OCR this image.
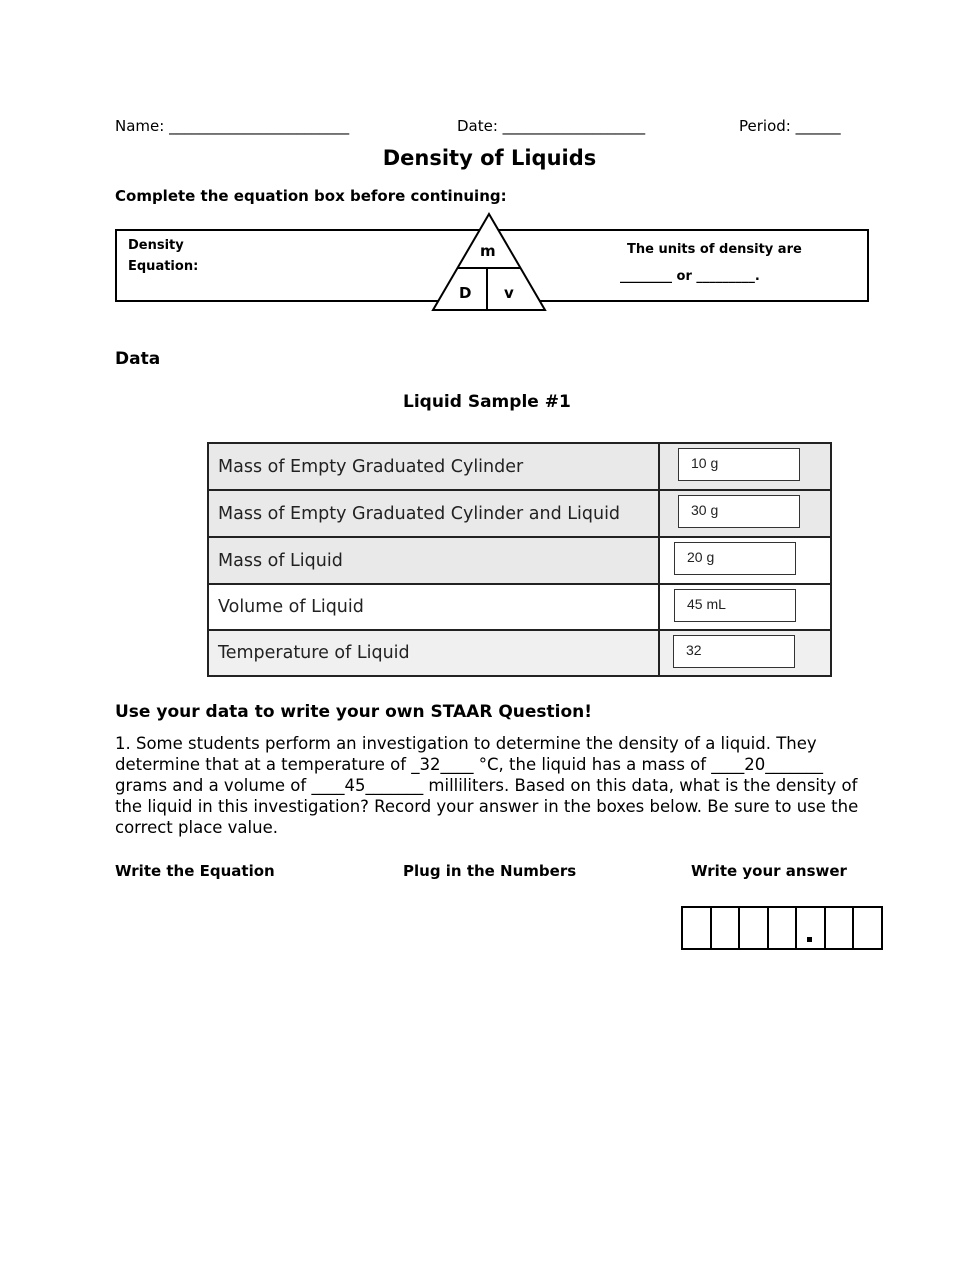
Name: ________________________	Date: ___________________	Period: ______
Density of Liquids
Complete the equation box before continuing:
Density
Equation:
The units of density are
________ or _________.
m
D v
Data
Liquid Sample #1
Mass of Empty Graduated Cylinder	10 g

Mass of Empty Graduated Cylinder and Liquid	30 g

Mass of Liquid	20 g

Volume of Liquid	45 mL

Temperature of Liquid	32
Use your data to write your own STAAR Question!
1. Some students perform an investigation to determine the density of a liquid. They determine that at a temperature of _32____ °C, the liquid has a mass of ____20_______ grams and a volume of ____45_______ milliliters. Based on this data, what is the density of the liquid in this investigation? Record your answer in the boxes below. Be sure to use the correct place value.
Write the Equation	Plug in the Numbers	Write your answer
